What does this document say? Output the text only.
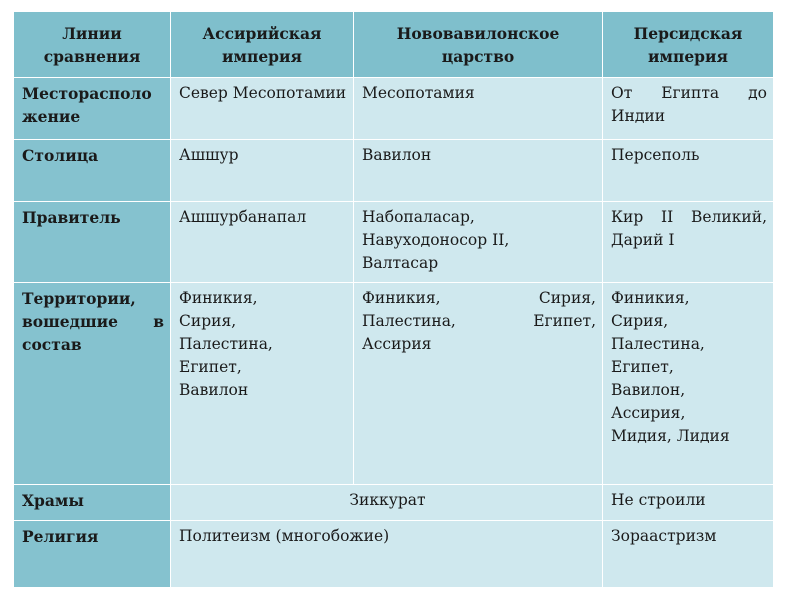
Линии сравнения	Ассирийская империя	Нововавилонское царство	Персидская империя
Месторасположение	Север Месопотамии	Месопотамия	От Египта до Индии
Столица	Ашшур	Вавилон	Персеполь
Правитель	Ашшурбанапал	Набопаласар, Навуходоносор II, Валтасар	Кир II Великий, Дарий I
Территории, вошедшие в состав	Финикия, Сирия, Палестина, Египет, Вавилон	Финикия, Сирия, Палестина, Египет, Ассирия	Финикия, Сирия, Палестина, Египет, Вавилон, Ассирия, Мидия, Лидия
Храмы	Зиккурат		Не строили
Религия	Политеизм (многобожие)		Зораастризм
